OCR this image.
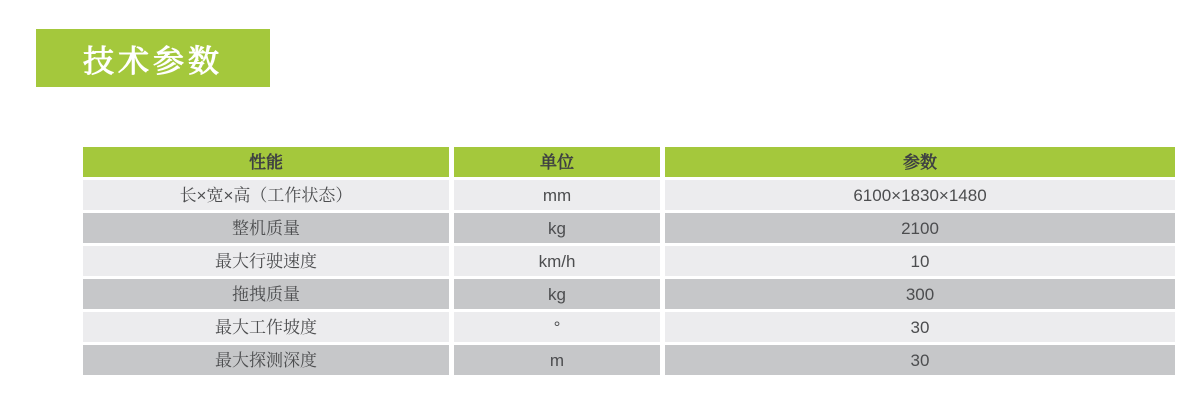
技术参数
性能	单位	参数
长×宽×高（工作状态）	mm	6100×1830×1480
整机质量	kg	2100
最大行驶速度	km/h	10
拖拽质量	kg	300
最大工作坡度	°	30
最大探测深度	m	30
